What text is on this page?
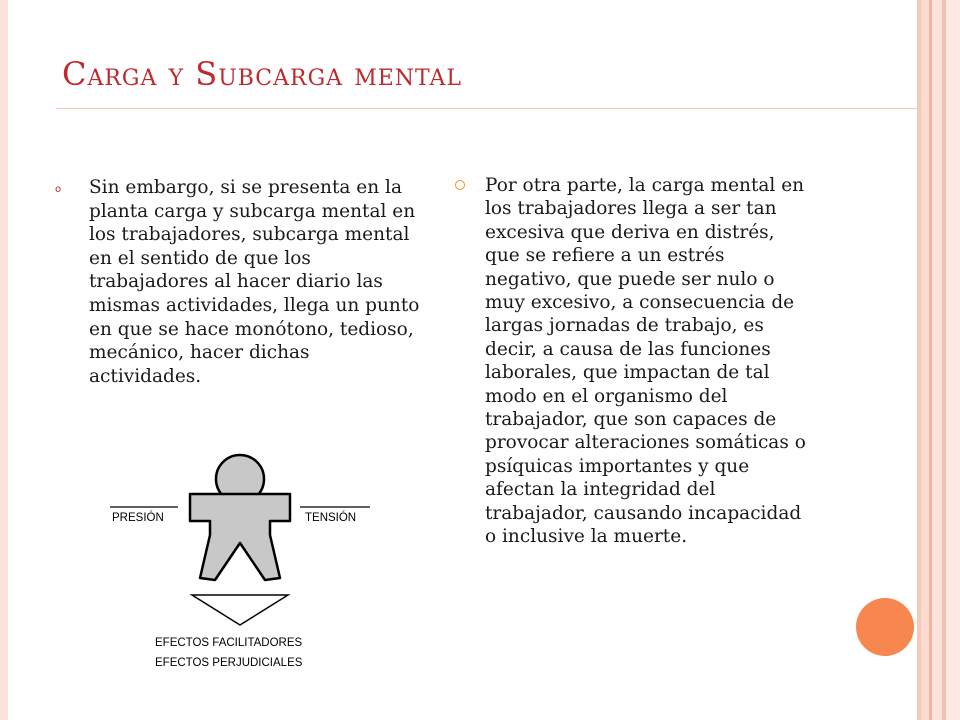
Carga y Subcarga mental
o	Sin embargo, si se presenta en la planta carga y subcarga mental en los trabajadores, subcarga mental en el sentido de que los trabajadores al hacer diario las mismas actividades, llega un punto en que se hace monótono, tedioso, mecánico, hacer dichas actividades.

Por otra parte, la carga mental en los trabajadores llega a ser tan excesiva que deriva en distrés, que se refiere a un estrés negativo, que puede ser nulo o muy excesivo, a consecuencia de largas jornadas de trabajo, es decir, a causa de las funciones laborales, que impactan de tal modo en el organismo del trabajador, que son capaces de provocar alteraciones somáticas o psíquicas importantes y que afectan la integridad del trabajador, causando incapacidad o inclusive la muerte.

PRESIÓN	TENSIÓN
EFECTOS FACILITADORES
EFECTOS PERJUDICIALES
